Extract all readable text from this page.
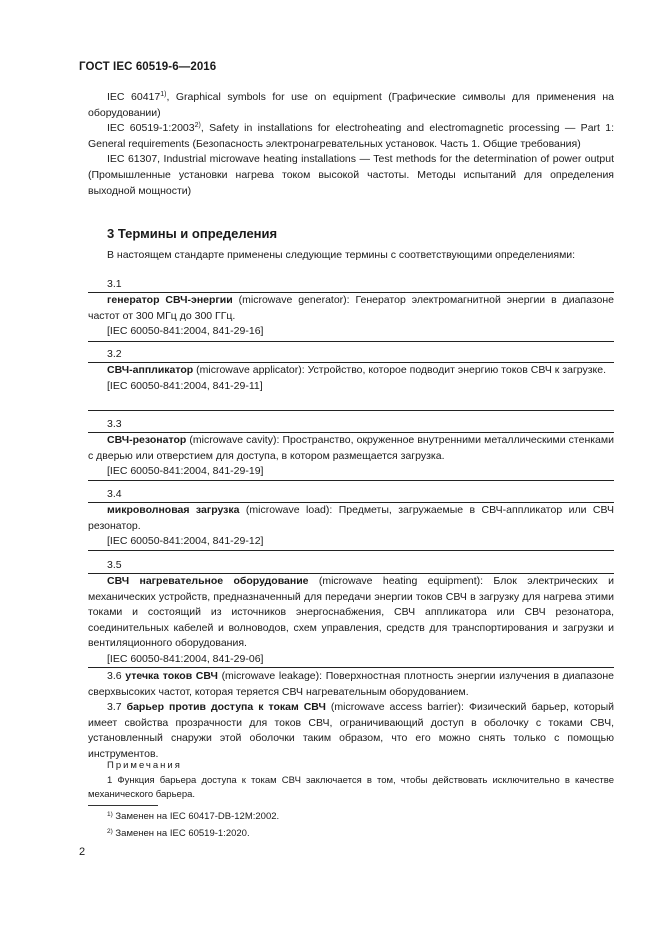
ГОСТ IEC 60519-6—2016

IEC 60417$^{1)}$, Graphical symbols for use on equipment (Графические символы для применения на оборудовании)

IEC 60519-1:2003$^{2)}$, Safety in installations for electroheating and electromagnetic processing — Part 1: General requirements (Безопасность электронагревательных установок. Часть 1. Общие требования)

IEC 61307, Industrial microwave heating installations — Test methods for the determination of power output (Промышленные установки нагрева током высокой частоты. Методы испытаний для определения выходной мощности)

3 Термины и определения

В настоящем стандарте применены следующие термины с соответствующими определениями:

3.1

генератор СВЧ-энергии (microwave generator): Генератор электромагнитной энергии в диапазоне частот от 300 МГц до 300 ГГц.

[IEC 60050-841:2004, 841-29-16]

3.2

СВЧ-аппликатор (microwave applicator): Устройство, которое подводит энергию токов СВЧ к загрузке.

[IEC 60050-841:2004, 841-29-11]

3.3

СВЧ-резонатор (microwave cavity): Пространство, окруженное внутренними металлическими стенками с дверью или отверстием для доступа, в котором размещается загрузка.

[IEC 60050-841:2004, 841-29-19]

3.4

микроволновая загрузка (microwave load): Предметы, загружаемые в СВЧ-аппликатор или СВЧ резонатор.

[IEC 60050-841:2004, 841-29-12]

3.5

СВЧ нагревательное оборудование (microwave heating equipment): Блок электрических и механических устройств, предназначенный для передачи энергии токов СВЧ в загрузку для нагрева этими токами и состоящий из источников энергоснабжения, СВЧ аппликатора или СВЧ резонатора, соединительных кабелей и волноводов, схем управления, средств для транспортирования и загрузки и вентиляционного оборудования.

[IEC 60050-841:2004, 841-29-06]

3.6 утечка токов СВЧ (microwave leakage): Поверхностная плотность энергии излучения в диапазоне сверхвысоких частот, которая теряется СВЧ нагревательным оборудованием.

3.7 барьер против доступа к токам СВЧ (microwave access barrier): Физический барьер, который имеет свойства прозрачности для токов СВЧ, ограничивающий доступ в оболочку с токами СВЧ, установленный снаружи этой оболочки таким образом, что его можно снять только с помощью инструментов.

Примечания

1 Функция барьера доступа к токам СВЧ заключается в том, чтобы действовать исключительно в качестве механического барьера.

$^{1)}$ Заменен на IEC 60417-DB-12M:2002.
$^{2)}$ Заменен на IEC 60519-1:2020.
2
